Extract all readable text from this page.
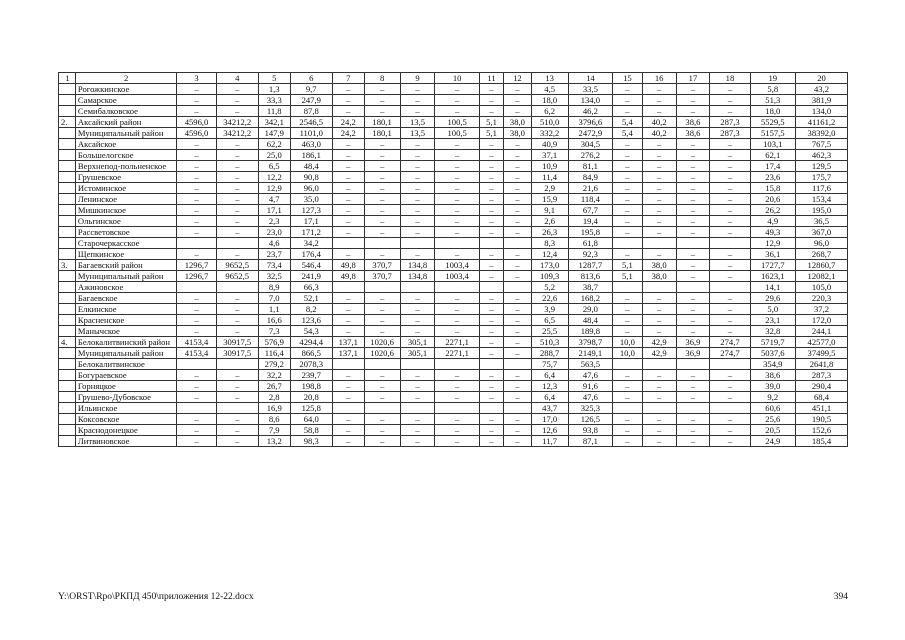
1	2	3	4	5	6	7	8	9	10	11	12	13	14	15	16	17	18	19	20
	Рогожкинское	–	–	1,3	9,7	–	–	–	–	–	–	4,5	33,5	–	–	–	–	5,8	43,2
	Самарское	–	–	33,3	247,9	–	–	–	–	–	–	18,0	134,0	–	–	–	–	51,3	381,9
	Семибалковское	–	–	11,8	87,8	–	–	–	–	–	–	6,2	46,2	–	–	–	–	18,0	134,0
2.	Аксайский район	4596,0	34212,2	342,1	2546,5	24,2	180,1	13,5	100,5	5,1	38,0	510,0	3796,6	5,4	40,2	38,6	287,3	5529,5	41161,2
	Муниципальный район	4596,0	34212,2	147,9	1101,0	24,2	180,1	13,5	100,5	5,1	38,0	332,2	2472,9	5,4	40,2	38,6	287,3	5157,5	38392,0
	Аксайское	–	–	62,2	463,0	–	–	–	–	–	–	40,9	304,5	–	–	–	–	103,1	767,5
	Большелогское	–	–	25,0	186,1	–	–	–	–	–	–	37,1	276,2	–	–	–	–	62,1	462,3
	Верхнепод-польненское	–	–	6,5	48,4	–	–	–	–	–	–	10,9	81,1	–	–	–	–	17,4	129,5
	Грушевское	–	–	12,2	90,8	–	–	–	–	–	–	11,4	84,9	–	–	–	–	23,6	175,7
	Истоминское	–	–	12,9	96,0	–	–	–	–	–	–	2,9	21,6	–	–	–	–	15,8	117,6
	Ленинское	–	–	4,7	35,0	–	–	–	–	–	–	15,9	118,4	–	–	–	–	20,6	153,4
	Мишкинское	–	–	17,1	127,3	–	–	–	–	–	–	9,1	67,7	–	–	–	–	26,2	195,0
	Ольгинское	–	–	2,3	17,1	–	–	–	–	–	–	2,6	19,4	–	–	–	–	4,9	36,5
	Рассветовское	–	–	23,0	171,2	–	–	–	–	–	–	26,3	195,8	–	–	–	–	49,3	367,0
	Старочеркасское			4,6	34,2							8,3	61,8					12,9	96,0
	Щепкинское	–	–	23,7	176,4	–	–	–	–	–	–	12,4	92,3	–	–	–	–	36,1	268,7
3.	Багаевский район	1296,7	9652,5	73,4	546,4	49,8	370,7	134,8	1003,4	–	–	173,0	1287,7	5,1	38,0	–	–	1727,7	12860,7
	Муниципальный район	1296,7	9652,5	32,5	241,9	49,8	370,7	134,8	1003,4	–	–	109,3	813,6	5,1	38,0	–	–	1623,1	12082,1
	Ажиновское			8,9	66,3							5,2	38,7					14,1	105,0
	Багаевское	–	–	7,0	52,1	–	–	–	–	–	–	22,6	168,2	–	–	–	–	29,6	220,3
	Елкинское	–	–	1,1	8,2	–	–	–	–	–	–	3,9	29,0	–	–	–	–	5,0	37,2
	Красненское	–	–	16,6	123,6	–	–	–	–	–	–	6,5	48,4	–	–	–	–	23,1	172,0
	Манычское	–	–	7,3	54,3	–	–	–	–	–	–	25,5	189,8	–	–	–	–	32,8	244,1
4.	Белокалитвинский район	4153,4	30917,5	576,9	4294,4	137,1	1020,6	305,1	2271,1	–	–	510,3	3798,7	10,0	42,9	36,9	274,7	5719,7	42577,0
	Муниципальный район	4153,4	30917,5	116,4	866,5	137,1	1020,6	305,1	2271,1	–	–	288,7	2149,1	10,0	42,9	36,9	274,7	5037,6	37499,5
	Белокалитвинское			279,2	2078,3							75,7	563,5					354,9	2641,8
	Богураевское	–	–	32,2	239,7	–	–	–	–	–	–	6,4	47,6	–	–	–	–	38,6	287,3
	Горняцкое	–	–	26,7	198,8	–	–	–	–	–	–	12,3	91,6	–	–	–	–	39,0	290,4
	Грушево-Дубовское	–	–	2,8	20,8	–	–	–	–	–	–	6,4	47,6	–	–	–	–	9,2	68,4
	Ильинское			16,9	125,8							43,7	325,3					60,6	451,1
	Коксовское	–	–	8,6	64,0	–	–	–	–	–	–	17,0	126,5	–	–	–	–	25,6	190,5
	Краснодонецкое	–	–	7,9	58,8	–	–	–	–	–	–	12,6	93,8	–	–	–	–	20,5	152,6
	Литвиновское	–	–	13,2	98,3	–	–	–	–	–	–	11,7	87,1	–	–	–	–	24,9	185,4
Y:\ORST\Rpo\РКПД 450\приложения 12-22.docx	394
